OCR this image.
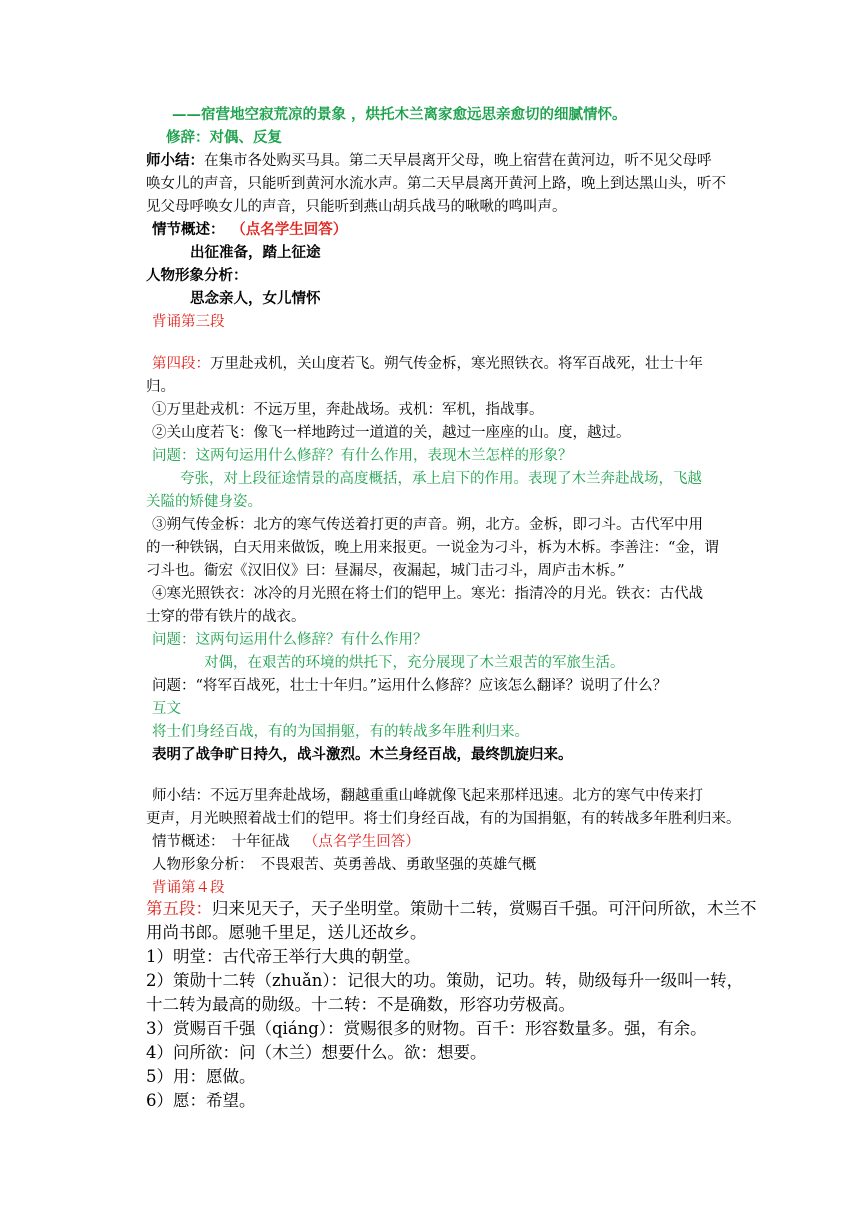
——宿营地空寂荒凉的景象 ，烘托木兰离家愈远思亲愈切的细腻情怀。
修辞：对偶、反复
师小结：在集市各处购买马具。第二天早晨离开父母，晚上宿营在黄河边，听不见父母呼
唤女儿的声音，只能听到黄河水流水声。第二天早晨离开黄河上路，晚上到达黑山头，听不
见父母呼唤女儿的声音，只能听到燕山胡兵战马的啾啾的鸣叫声。
情节概述： （点名学生回答）
出征准备，踏上征途
人物形象分析：
思念亲人，女儿情怀
背诵第三段
第四段：万里赴戎机，关山度若飞。朔气传金柝，寒光照铁衣。将军百战死，壮士十年
归。
①万里赴戎机：不远万里，奔赴战场。戎机：军机，指战事。
②关山度若飞：像飞一样地跨过一道道的关，越过一座座的山。度，越过。
问题：这两句运用什么修辞？有什么作用，表现木兰怎样的形象？
夸张，对上段征途情景的高度概括，承上启下的作用。表现了木兰奔赴战场，飞越
关隘的矫健身姿。
③朔气传金柝：北方的寒气传送着打更的声音。朔，北方。金柝，即刁斗。古代军中用
的一种铁锅，白天用来做饭，晚上用来报更。一说金为刁斗，柝为木柝。李善注：“金，谓
刁斗也。衞宏《汉旧仪》曰：昼漏尽，夜漏起，城门击刁斗，周庐击木柝。”
④寒光照铁衣：冰冷的月光照在将士们的铠甲上。寒光：指清冷的月光。铁衣：古代战
士穿的带有铁片的战衣。
问题：这两句运用什么修辞？有什么作用？
对偶，在艰苦的环境的烘托下，充分展现了木兰艰苦的军旅生活。
问题：“将军百战死，壮士十年归。”运用什么修辞？应该怎么翻译？说明了什么？
互文
将士们身经百战，有的为国捐躯，有的转战多年胜利归来。
表明了战争旷日持久，战斗激烈。木兰身经百战，最终凯旋归来。
师小结：不远万里奔赴战场，翻越重重山峰就像飞起来那样迅速。北方的寒气中传来打
更声，月光映照着战士们的铠甲。将士们身经百战，有的为国捐躯，有的转战多年胜利归来。
情节概述：　十年征战 （点名学生回答）
人物形象分析：　不畏艰苦、英勇善战、勇敢坚强的英雄气概
背诵第４段
第五段：归来见天子，天子坐明堂。策勋十二转，赏赐百千强。可汗问所欲，木兰不
用尚书郎。愿驰千里足，送儿还故乡。
1）明堂：古代帝王举行大典的朝堂。
2）策勋十二转（zhuǎn）：记很大的功。策勋，记功。转，勋级每升一级叫一转，
十二转为最高的勋级。十二转：不是确数，形容功劳极高。
3）赏赐百千强（qiáng）：赏赐很多的财物。百千：形容数量多。强，有余。
4）问所欲：问（木兰）想要什么。欲：想要。
5）用：愿做。
6）愿：希望。
